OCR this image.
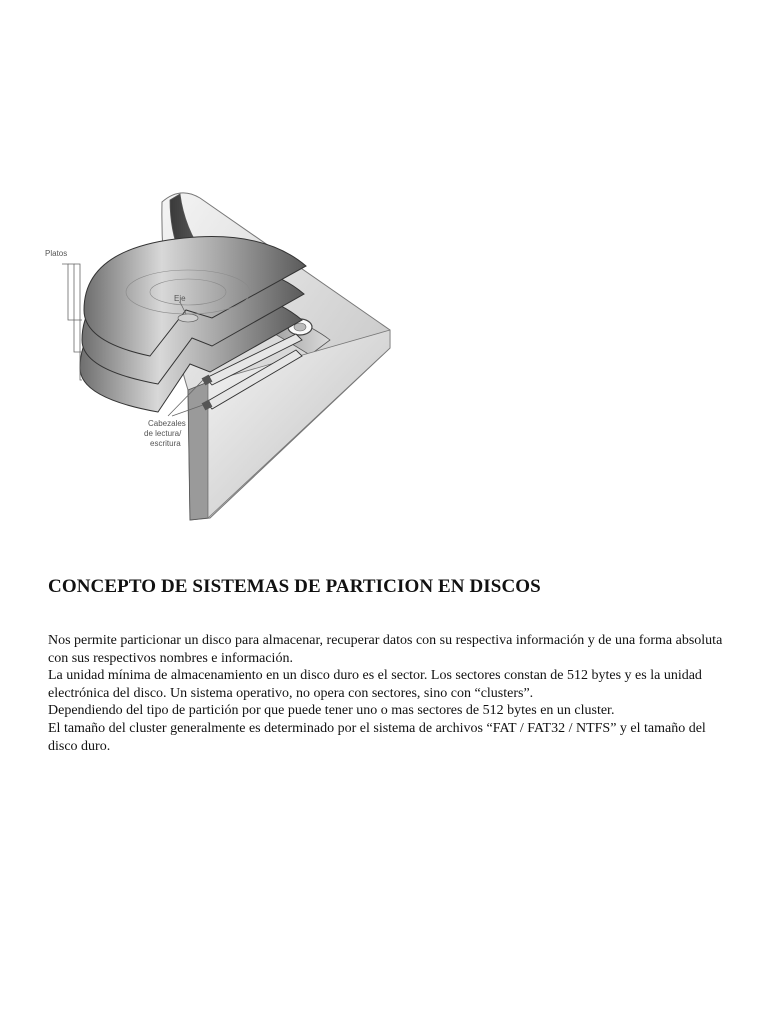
Platos
Eje
Cabezales
de lectura/
escritura
CONCEPTO DE SISTEMAS DE PARTICION EN DISCOS

Nos permite particionar un disco para almacenar, recuperar datos con su respectiva información y de una forma absoluta con sus respectivos nombres e información.

La unidad mínima de almacenamiento en un disco duro es el sector. Los sectores constan de 512 bytes y es la unidad electrónica del disco. Un sistema operativo, no opera con sectores, sino con “clusters”.

Dependiendo del tipo de partición por que puede tener uno o mas sectores de 512 bytes en un cluster.

El tamaño del cluster generalmente es determinado por el sistema de archivos “FAT / FAT32 / NTFS” y el tamaño del disco duro.
